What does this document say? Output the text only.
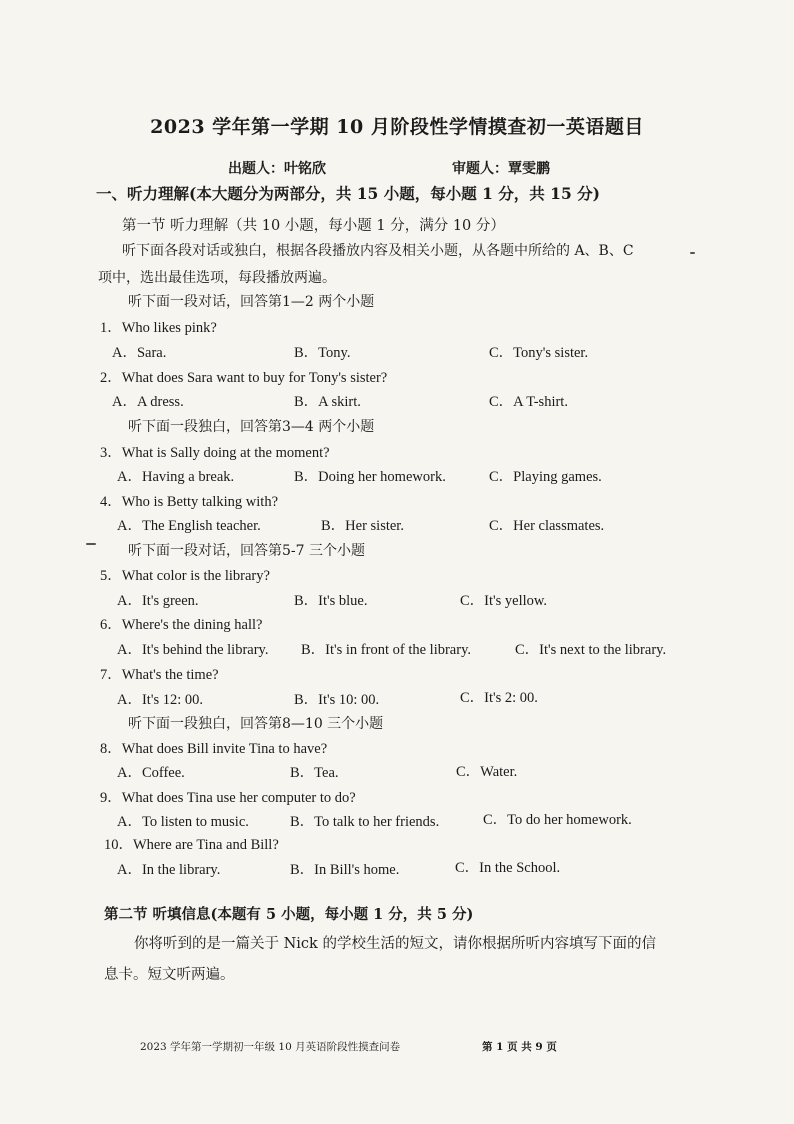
2023 学年第一学期 10 月阶段性学情摸查初一英语题目
出题人：叶铭欣	审题人：覃雯鹏
一、听力理解(本大题分为两部分，共 15 小题，每小题 1 分，共 15 分)
第一节 听力理解（共 10 小题，每小题 1 分，满分 10 分）
听下面各段对话或独白，根据各段播放内容及相关小题，从各题中所给的 A、B、C
项中，选出最佳选项，每段播放两遍。
听下面一段对话，回答第1—2 两个小题
听下面一段独白，回答第3—4 两个小题
听下面一段对话，回答第5-7 三个小题
听下面一段独白，回答第8—10 三个小题
1．Who likes pink?
A．Sara.	B．Tony.	C．Tony's sister.
2．What does Sara want to buy for Tony's sister?
A．A dress.	B．A skirt.	C．A T-shirt.
3．What is Sally doing at the moment?
A．Having a break.	B．Doing her homework.	C．Playing games.
4．Who is Betty talking with?
A．The English teacher.	B．Her sister.	C．Her classmates.
5．What color is the library?
A．It's green.	B．It's blue.	C．It's yellow.
6．Where's the dining hall?
A．It's behind the library. B．It's in front of the library.	C．It's next to the library.
7．What's the time?
A．It's 12: 00.	B．It's 10: 00.	C．It's 2: 00.
8．What does Bill invite Tina to have?
A．Coffee.	B．Tea.	C．Water.
9．What does Tina use her computer to do?
A．To listen to music.	B．To talk to her friends.	C．To do her homework.
10．Where are Tina and Bill?
A．In the library.	B．In Bill's home.	C．In the School.
第二节 听填信息(本题有 5 小题，每小题 1 分，共 5 分)
你将听到的是一篇关于 Nick 的学校生活的短文，请你根据所听内容填写下面的信
息卡。短文听两遍。
2023 学年第一学期初一年级 10 月英语阶段性摸查问卷	第 1 页 共 9 页
